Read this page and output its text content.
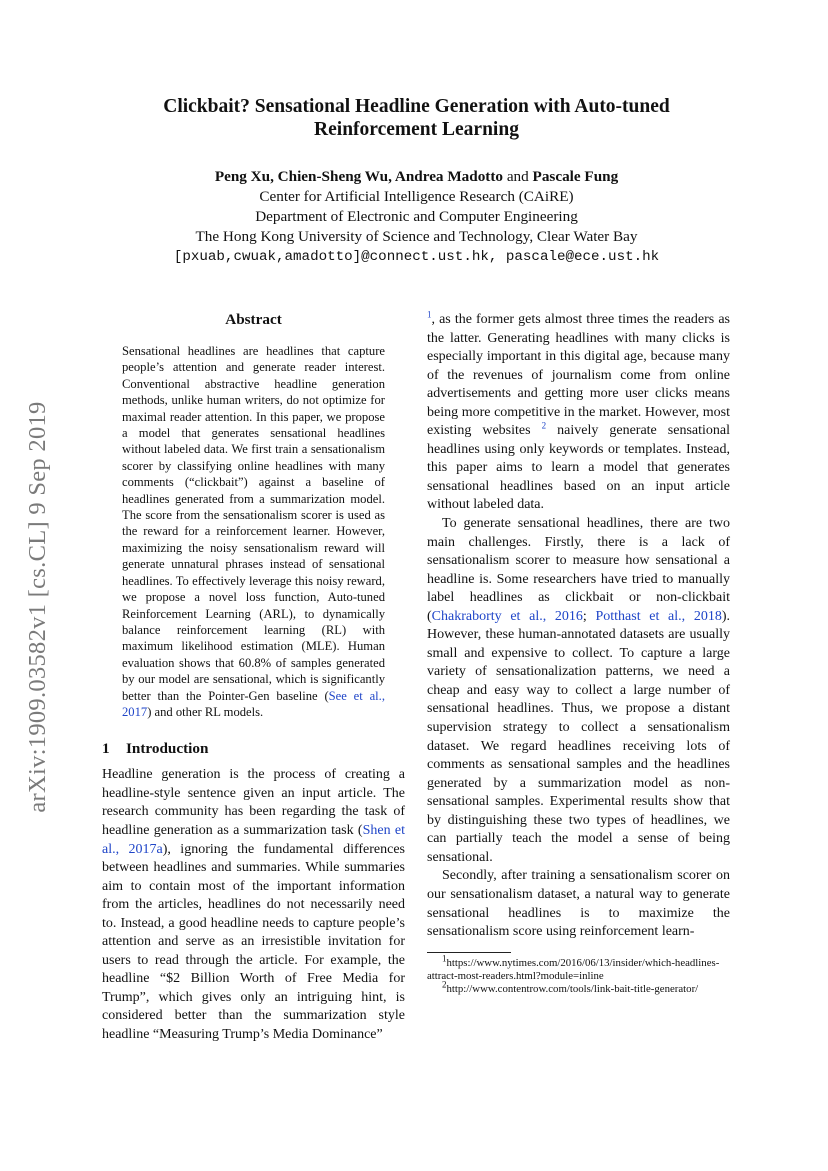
arXiv:1909.03582v1 [cs.CL] 9 Sep 2019
Clickbait? Sensational Headline Generation with Auto-tuned
Reinforcement Learning
Peng Xu, Chien-Sheng Wu, Andrea Madotto and Pascale Fung
Center for Artificial Intelligence Research (CAiRE)
Department of Electronic and Computer Engineering
The Hong Kong University of Science and Technology, Clear Water Bay
[pxuab,cwuak,amadotto]@connect.ust.hk, pascale@ece.ust.hk
Abstract

Sensational headlines are headlines that capture people’s attention and generate reader interest. Conventional abstractive headline generation methods, unlike human writers, do not optimize for maximal reader attention. In this paper, we propose a model that generates sensational headlines without labeled data. We first train a sensationalism scorer by classifying online headlines with many comments (“clickbait”) against a baseline of headlines generated from a summarization model. The score from the sensationalism scorer is used as the reward for a reinforcement learner. However, maximizing the noisy sensationalism reward will generate unnatural phrases instead of sensational headlines. To effectively leverage this noisy reward, we propose a novel loss function, Auto-tuned Reinforcement Learning (ARL), to dynamically balance reinforcement learning (RL) with maximum likelihood estimation (MLE). Human evaluation shows that 60.8% of samples generated by our model are sensational, which is significantly better than the Pointer-Gen baseline (See et al., 2017) and other RL models.

1 Introduction

Headline generation is the process of creating a headline-style sentence given an input article. The research community has been regarding the task of headline generation as a summarization task (Shen et al., 2017a), ignoring the fundamental differences between headlines and summaries. While summaries aim to contain most of the important information from the articles, headlines do not necessarily need to. Instead, a good headline needs to capture people’s attention and serve as an irresistible invitation for users to read through the article. For example, the headline “$2 Billion Worth of Free Media for Trump”, which gives only an intriguing hint, is considered better than the summarization style headline “Measuring Trump’s Media Dominance”

$^1$, as the former gets almost three times the readers as the latter. Generating headlines with many clicks is especially important in this digital age, because many of the revenues of journalism come from online advertisements and getting more user clicks means being more competitive in the market. However, most existing websites $^2$ naively generate sensational headlines using only keywords or templates. Instead, this paper aims to learn a model that generates sensational headlines based on an input article without labeled data.

To generate sensational headlines, there are two main challenges. Firstly, there is a lack of sensationalism scorer to measure how sensational a headline is. Some researchers have tried to manually label headlines as clickbait or non-clickbait (Chakraborty et al., 2016; Potthast et al., 2018). However, these human-annotated datasets are usually small and expensive to collect. To capture a large variety of sensationalization patterns, we need a cheap and easy way to collect a large number of sensational headlines. Thus, we propose a distant supervision strategy to collect a sensationalism dataset. We regard headlines receiving lots of comments as sensational samples and the headlines generated by a summarization model as non-sensational samples. Experimental results show that by distinguishing these two types of headlines, we can partially teach the model a sense of being sensational.

Secondly, after training a sensationalism scorer on our sensationalism dataset, a natural way to generate sensational headlines is to maximize the sensationalism score using reinforcement learn-

$^1$https://www.nytimes.com/2016/06/13/insider/which-headlines-attract-most-readers.html?module=inline

$^2$http://www.contentrow.com/tools/link-bait-title-generator/
